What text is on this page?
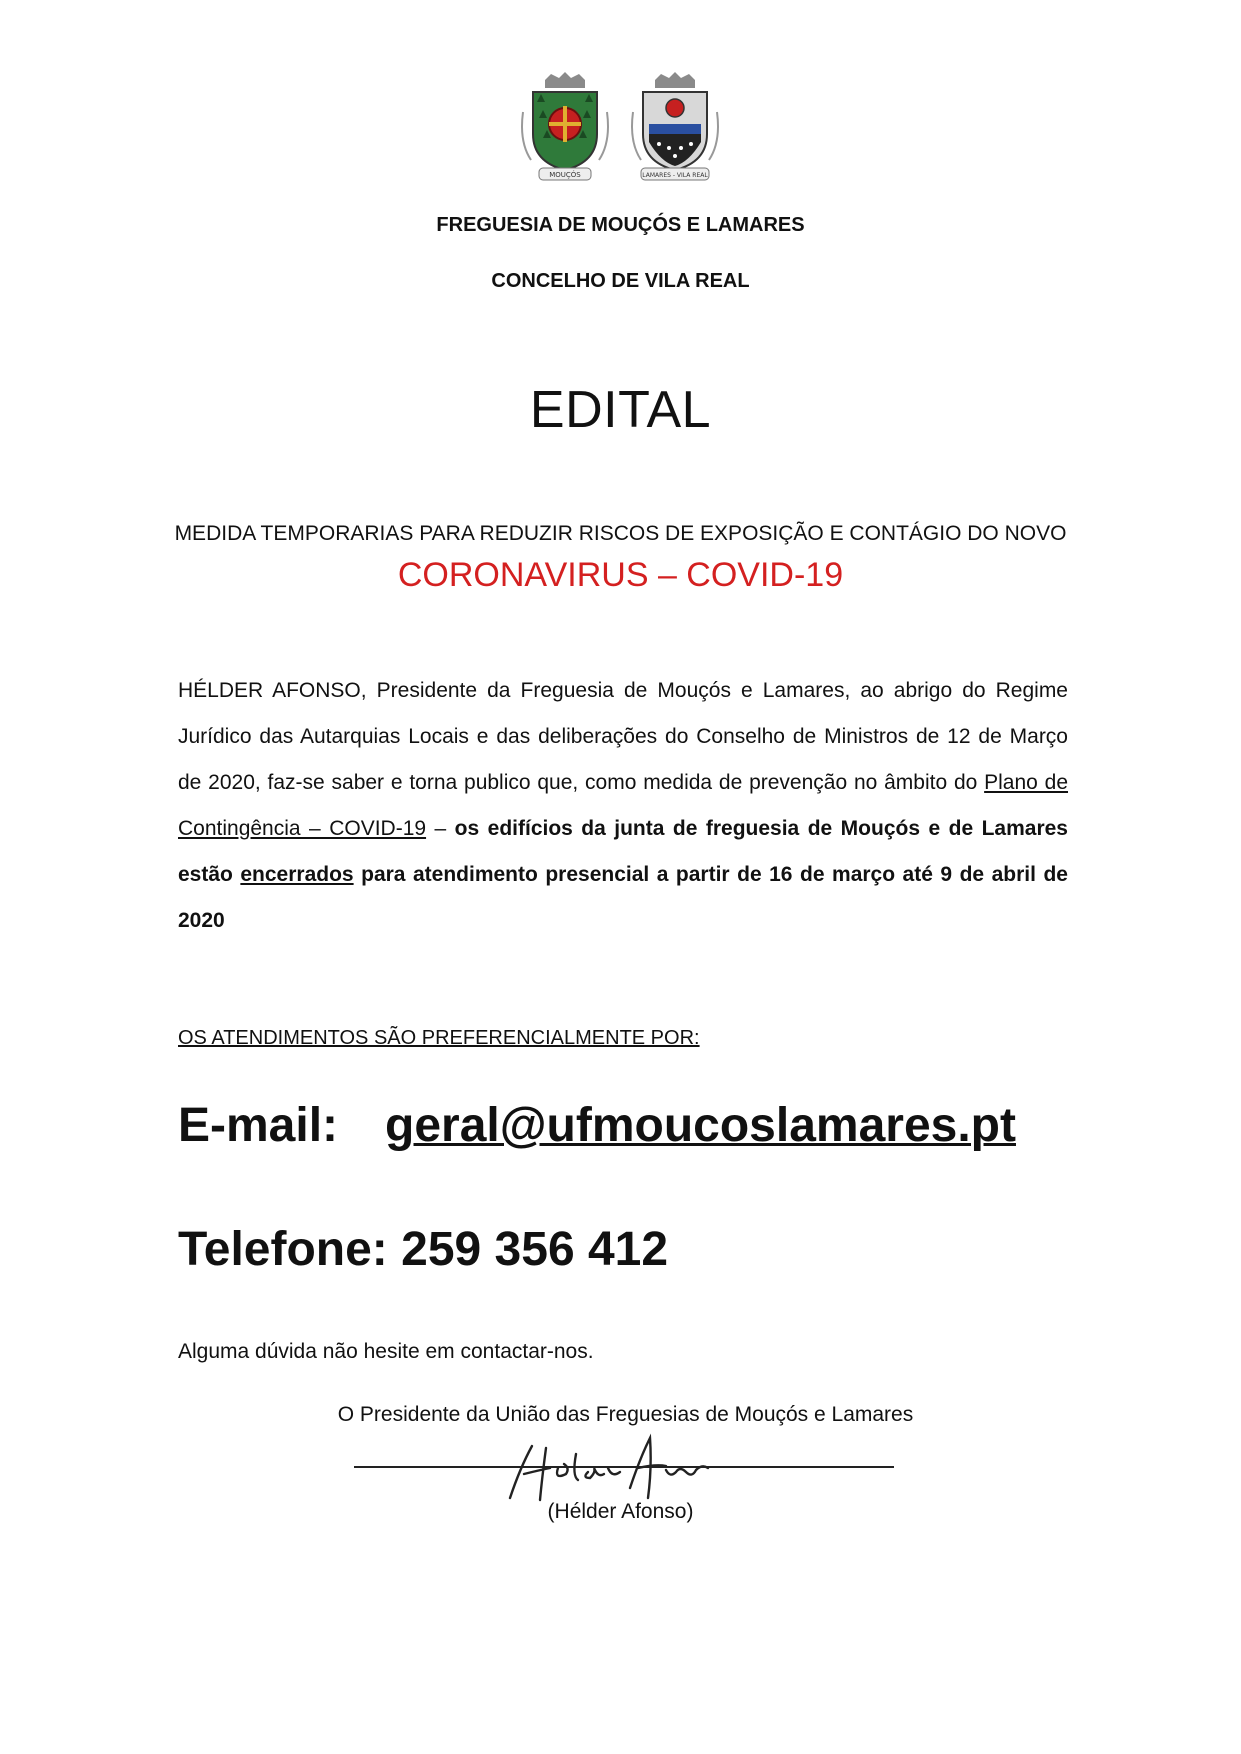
MOUÇÓS	LAMARES - VILA REAL
FREGUESIA DE MOUÇÓS E LAMARES
CONCELHO DE VILA REAL
EDITAL
MEDIDA TEMPORARIAS PARA REDUZIR RISCOS DE EXPOSIÇÃO E CONTÁGIO DO NOVO
CORONAVIRUS – COVID-19

HÉLDER AFONSO, Presidente da Freguesia de Mouçós e Lamares, ao abrigo do Regime Jurídico das Autarquias Locais e das deliberações do Conselho de Ministros de 12 de Março de 2020, faz-se saber e torna publico que, como medida de prevenção no âmbito do Plano de Contingência – COVID-19 – os edifícios da junta de freguesia de Mouçós e de Lamares estão encerrados para atendimento presencial a partir de 16 de março até 9 de abril de 2020

OS ATENDIMENTOS SÃO PREFERENCIALMENTE POR:
E-mail: geral@ufmoucoslamares.pt
Telefone: 259 356 412
Alguma dúvida não hesite em contactar-nos.
O Presidente da União das Freguesias de Mouçós e Lamares
(Hélder Afonso)
